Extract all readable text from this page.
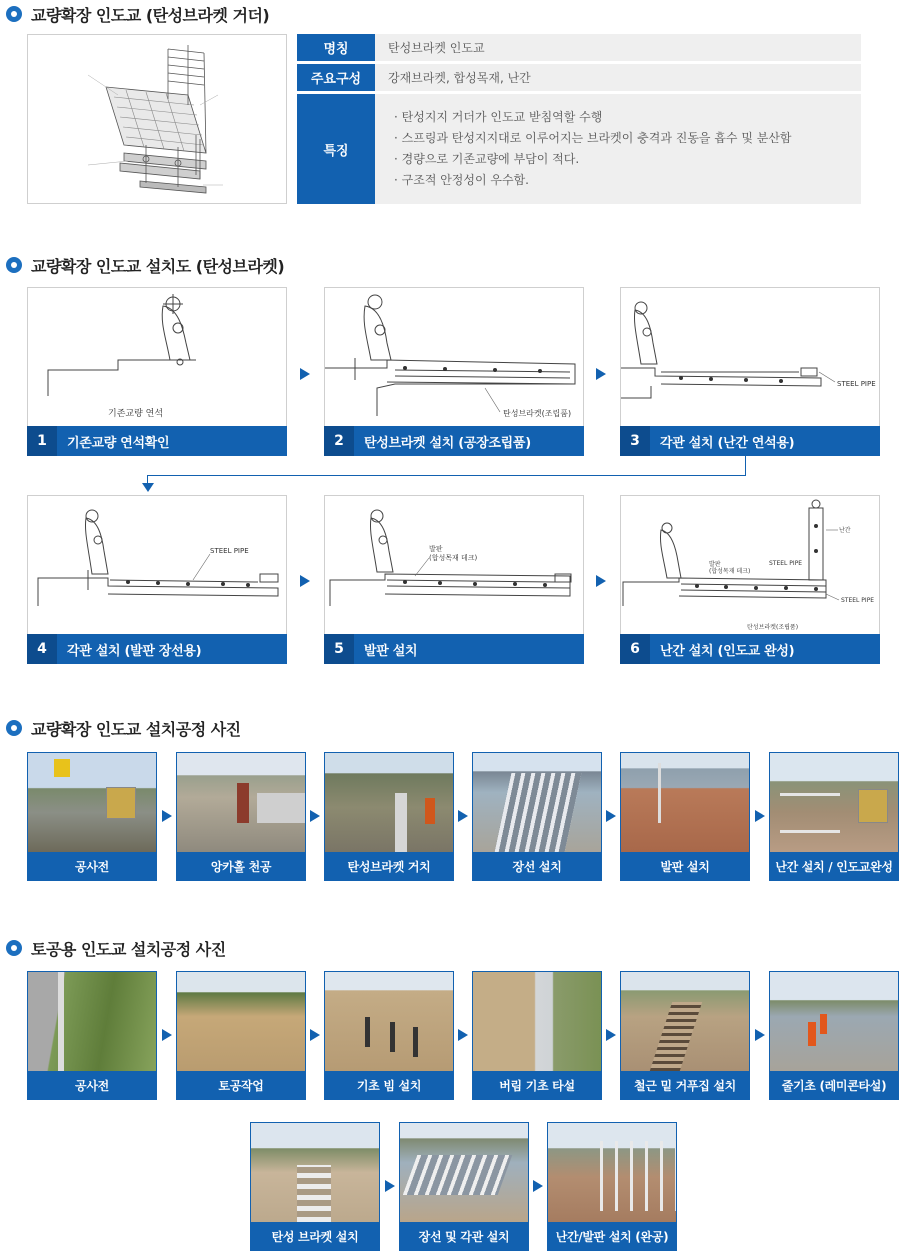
교량확장 인도교 (탄성브라켓 거더)
명칭	탄성브라켓 인도교
주요구성	강재브라켓, 합성목재, 난간
특징
· 탄성지지 거더가 인도교 받침역할 수행
· 스프링과 탄성지지대로 이루어지는 브라켓이 충격과 진동을 흡수 및 분산함
· 경량으로 기존교량에 부담이 적다.
· 구조적 안정성이 우수함.
교량확장 인도교 설치도 (탄성브라켓)
기존교량 연석
1	기존교량 연석확인
탄성브라켓(조립품)
2	탄성브라켓 설치 (공장조립품)
STEEL PIPE
3	각관 설치 (난간 연석용)
STEEL PIPE
4	각관 설치 (발판 장선용)
발판
(합성목재 데크)
5	발판 설치
발판
(합성목재 데크)
STEEL PIPE
STEEL PIPE
난간
탄성브라켓(조립품)
6	난간 설치 (인도교 완성)
교량확장 인도교 설치공정 사진
공사전	앙카홀 천공	탄성브라켓 거치	장선 설치	발판 설치	난간 설치 / 인도교완성
토공용 인도교 설치공정 사진
공사전	토공작업	기초 빔 설치	버림 기초 타설	철근 밑 거푸집 설치	줄기초 (레미콘타설)
탄성 브라켓 설치	장선 및 각관 설치	난간/발판 설치 (완공)
